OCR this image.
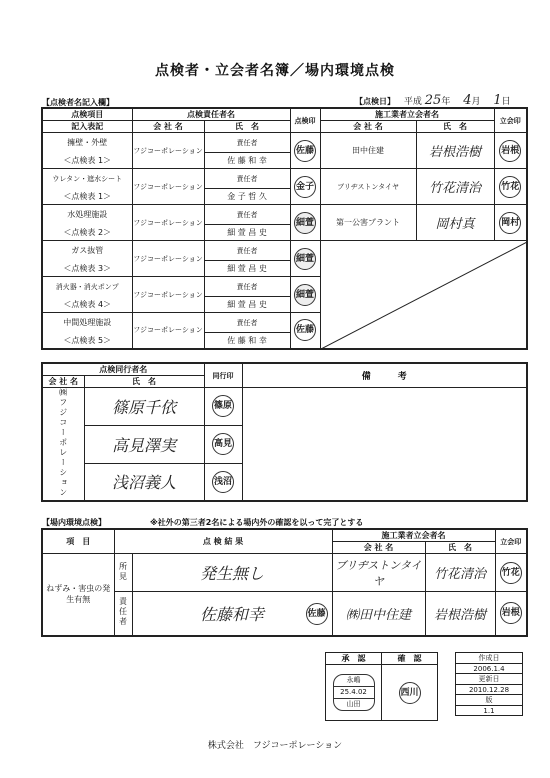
点検者・立会者名簿／場内環境点検
【点検者名記入欄】	【点検日】 平成 25年 4月 1日
点検項目	点検責任者名		点検印	施工業者立会者名		立会印
記入表記	会 社 名	氏　名		会 社 名	氏　名	
擁壁・外壁	フジコーポレーション	責任者	佐藤	田中住建	岩根浩樹	岩根
＜点検表 1＞		佐 藤 和 幸				
ウレタン・遮水シート	フジコーポレーション	責任者	金子	ブリヂストンタイヤ	竹花清治	竹花
＜点検表 1＞		金 子 哲 久				
水処理施設	フジコーポレーション	責任者	細萱	第一公害プラント	岡村真	岡村
＜点検表 2＞		細 萱 昌 史				
ガス抜管	フジコーポレーション	責任者	細萱	

＜点検表 3＞		細 萱 昌 史				
消火器・消火ポンプ	フジコーポレーション	責任者	細萱			
＜点検表 4＞		細 萱 昌 史				
中間処理施設	フジコーポレーション	責任者	佐藤			
＜点検表 5＞		佐 藤 和 幸				
点検同行者名		同行印	備　　　考
会 社 名	氏　名		
㈱フジコーポレーション	篠原千依	篠原	
	高見澤実	高見	
	浅沼義人	浅沼	
【場内環境点検】	※社外の第三者2名による場内外の確認を以って完了とする
項　目	点 検 結 果		施工業者立会者名		立会印
			会 社 名	氏　名	
ねずみ・害虫の発生有無	所見	発生無し	ブリヂストンタイヤ	竹花清治	竹花
	責任者	佐藤和幸 佐藤	㈱田中住建	岩根浩樹	岩根
承　認	確　認

永嶋
25.4.02
山田	西川
作成日
2006.1.4
更新日
2010.12.28
版
1.1
株式会社　フジコーポレーション
